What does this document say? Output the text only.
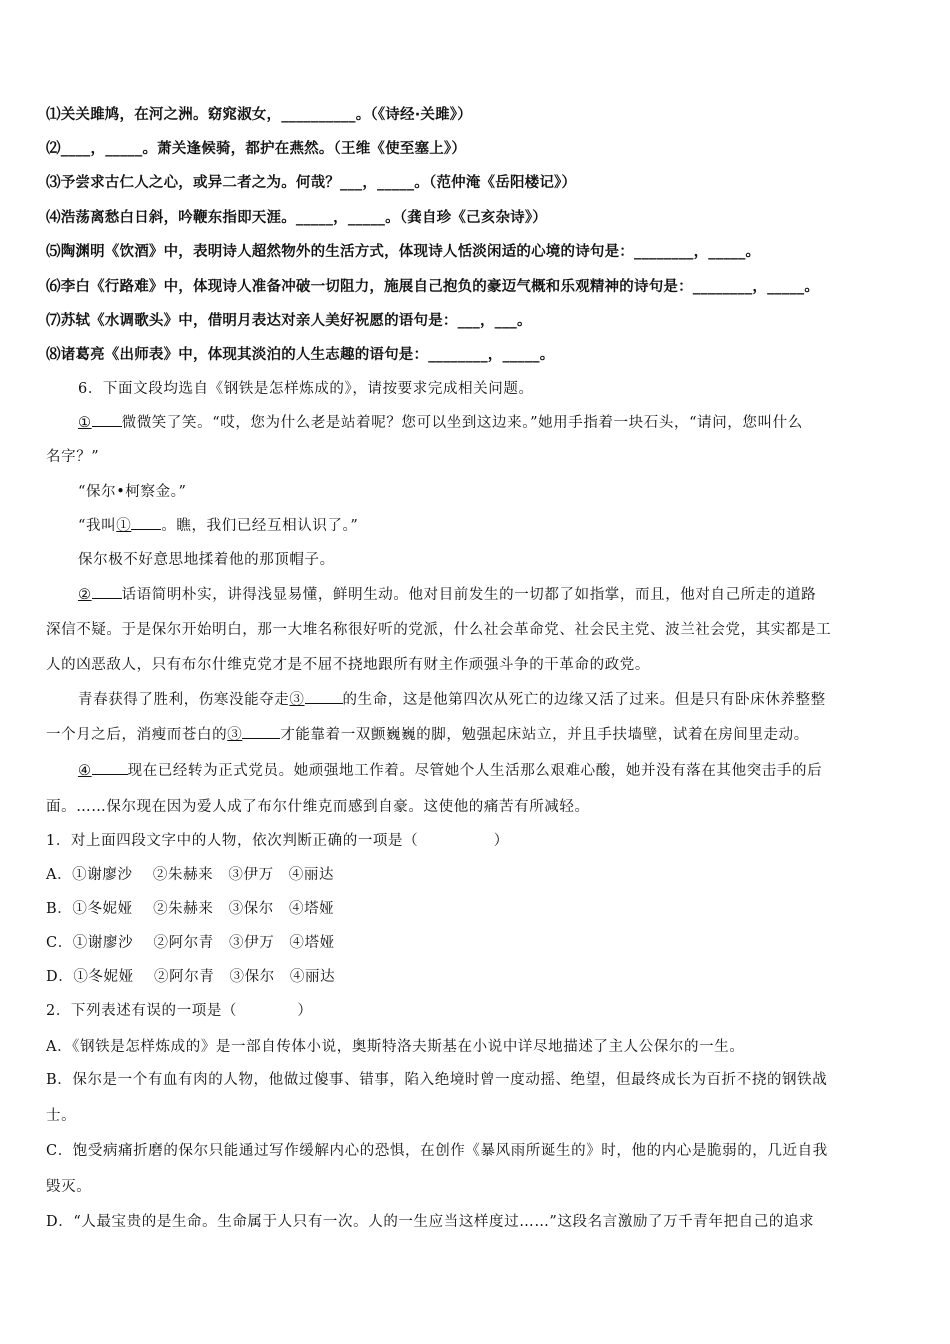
⑴关关雎鸠，在河之洲。窈窕淑女，__________。（《诗经·关雎》）
⑵____，_____。萧关逢候骑，都护在燕然。（王维《使至塞上》）
⑶予尝求古仁人之心，或异二者之为。何哉？___，_____。（范仲淹《岳阳楼记》）
⑷浩荡离愁白日斜，吟鞭东指即天涯。_____，_____。（龚自珍《己亥杂诗》）
⑸陶渊明《饮酒》中，表明诗人超然物外的生活方式，体现诗人恬淡闲适的心境的诗句是：________，_____。
⑹李白《行路难》中，体现诗人准备冲破一切阻力，施展自己抱负的豪迈气概和乐观精神的诗句是：________，_____。
⑺苏轼《水调歌头》中，借明月表达对亲人美好祝愿的语句是：___，___。
⑻诸葛亮《出师表》中，体现其淡泊的人生志趣的语句是：________，_____。
6．下面文段均选自《钢铁是怎样炼成的》，请按要求完成相关问题。
① 微微笑了笑。“哎，您为什么老是站着呢？您可以坐到这边来。”她用手指着一块石头，“请问，您叫什么
名字？”
“保尔•柯察金。”
“我叫① 。瞧，我们已经互相认识了。”
保尔极不好意思地揉着他的那顶帽子。
② 话语简明朴实，讲得浅显易懂，鲜明生动。他对目前发生的一切都了如指掌，而且，他对自己所走的道路
深信不疑。于是保尔开始明白，那一大堆名称很好听的党派，什么社会革命党、社会民主党、波兰社会党，其实都是工
人的凶恶敌人，只有布尔什维克党才是不屈不挠地跟所有财主作顽强斗争的干革命的政党。
青春获得了胜利，伤寒没能夺走③	的生命，这是他第四次从死亡的边缘又活了过来。但是只有卧床休养整整
一个月之后，消瘦而苍白的③	才能靠着一双颤巍巍的脚，勉强起床站立，并且手扶墙壁，试着在房间里走动。
④ 现在已经转为正式党员。她顽强地工作着。尽管她个人生活那么艰难心酸，她并没有落在其他突击手的后
面。……保尔现在因为爱人成了布尔什维克而感到自豪。这使他的痛苦有所减轻。
1．对上面四段文字中的人物，依次判断正确的一项是（　　　　　）
A．①谢廖沙　 ②朱赫来　③伊万　④丽达
B．①冬妮娅　 ②朱赫来　③保尔　④塔娅
C．①谢廖沙　 ②阿尔青　③伊万　④塔娅
D．①冬妮娅　 ②阿尔青　③保尔　④丽达
2．下列表述有误的一项是（　　　　）
A．《钢铁是怎样炼成的》是一部自传体小说，奥斯特洛夫斯基在小说中详尽地描述了主人公保尔的一生。
B．保尔是一个有血有肉的人物，他做过傻事、错事，陷入绝境时曾一度动摇、绝望，但最终成长为百折不挠的钢铁战
士。
C．饱受病痛折磨的保尔只能通过写作缓解内心的恐惧，在创作《暴风雨所诞生的》时，他的内心是脆弱的，几近自我
毁灭。
D．“人最宝贵的是生命。生命属于人只有一次。人的一生应当这样度过……”这段名言激励了万千青年把自己的追求
